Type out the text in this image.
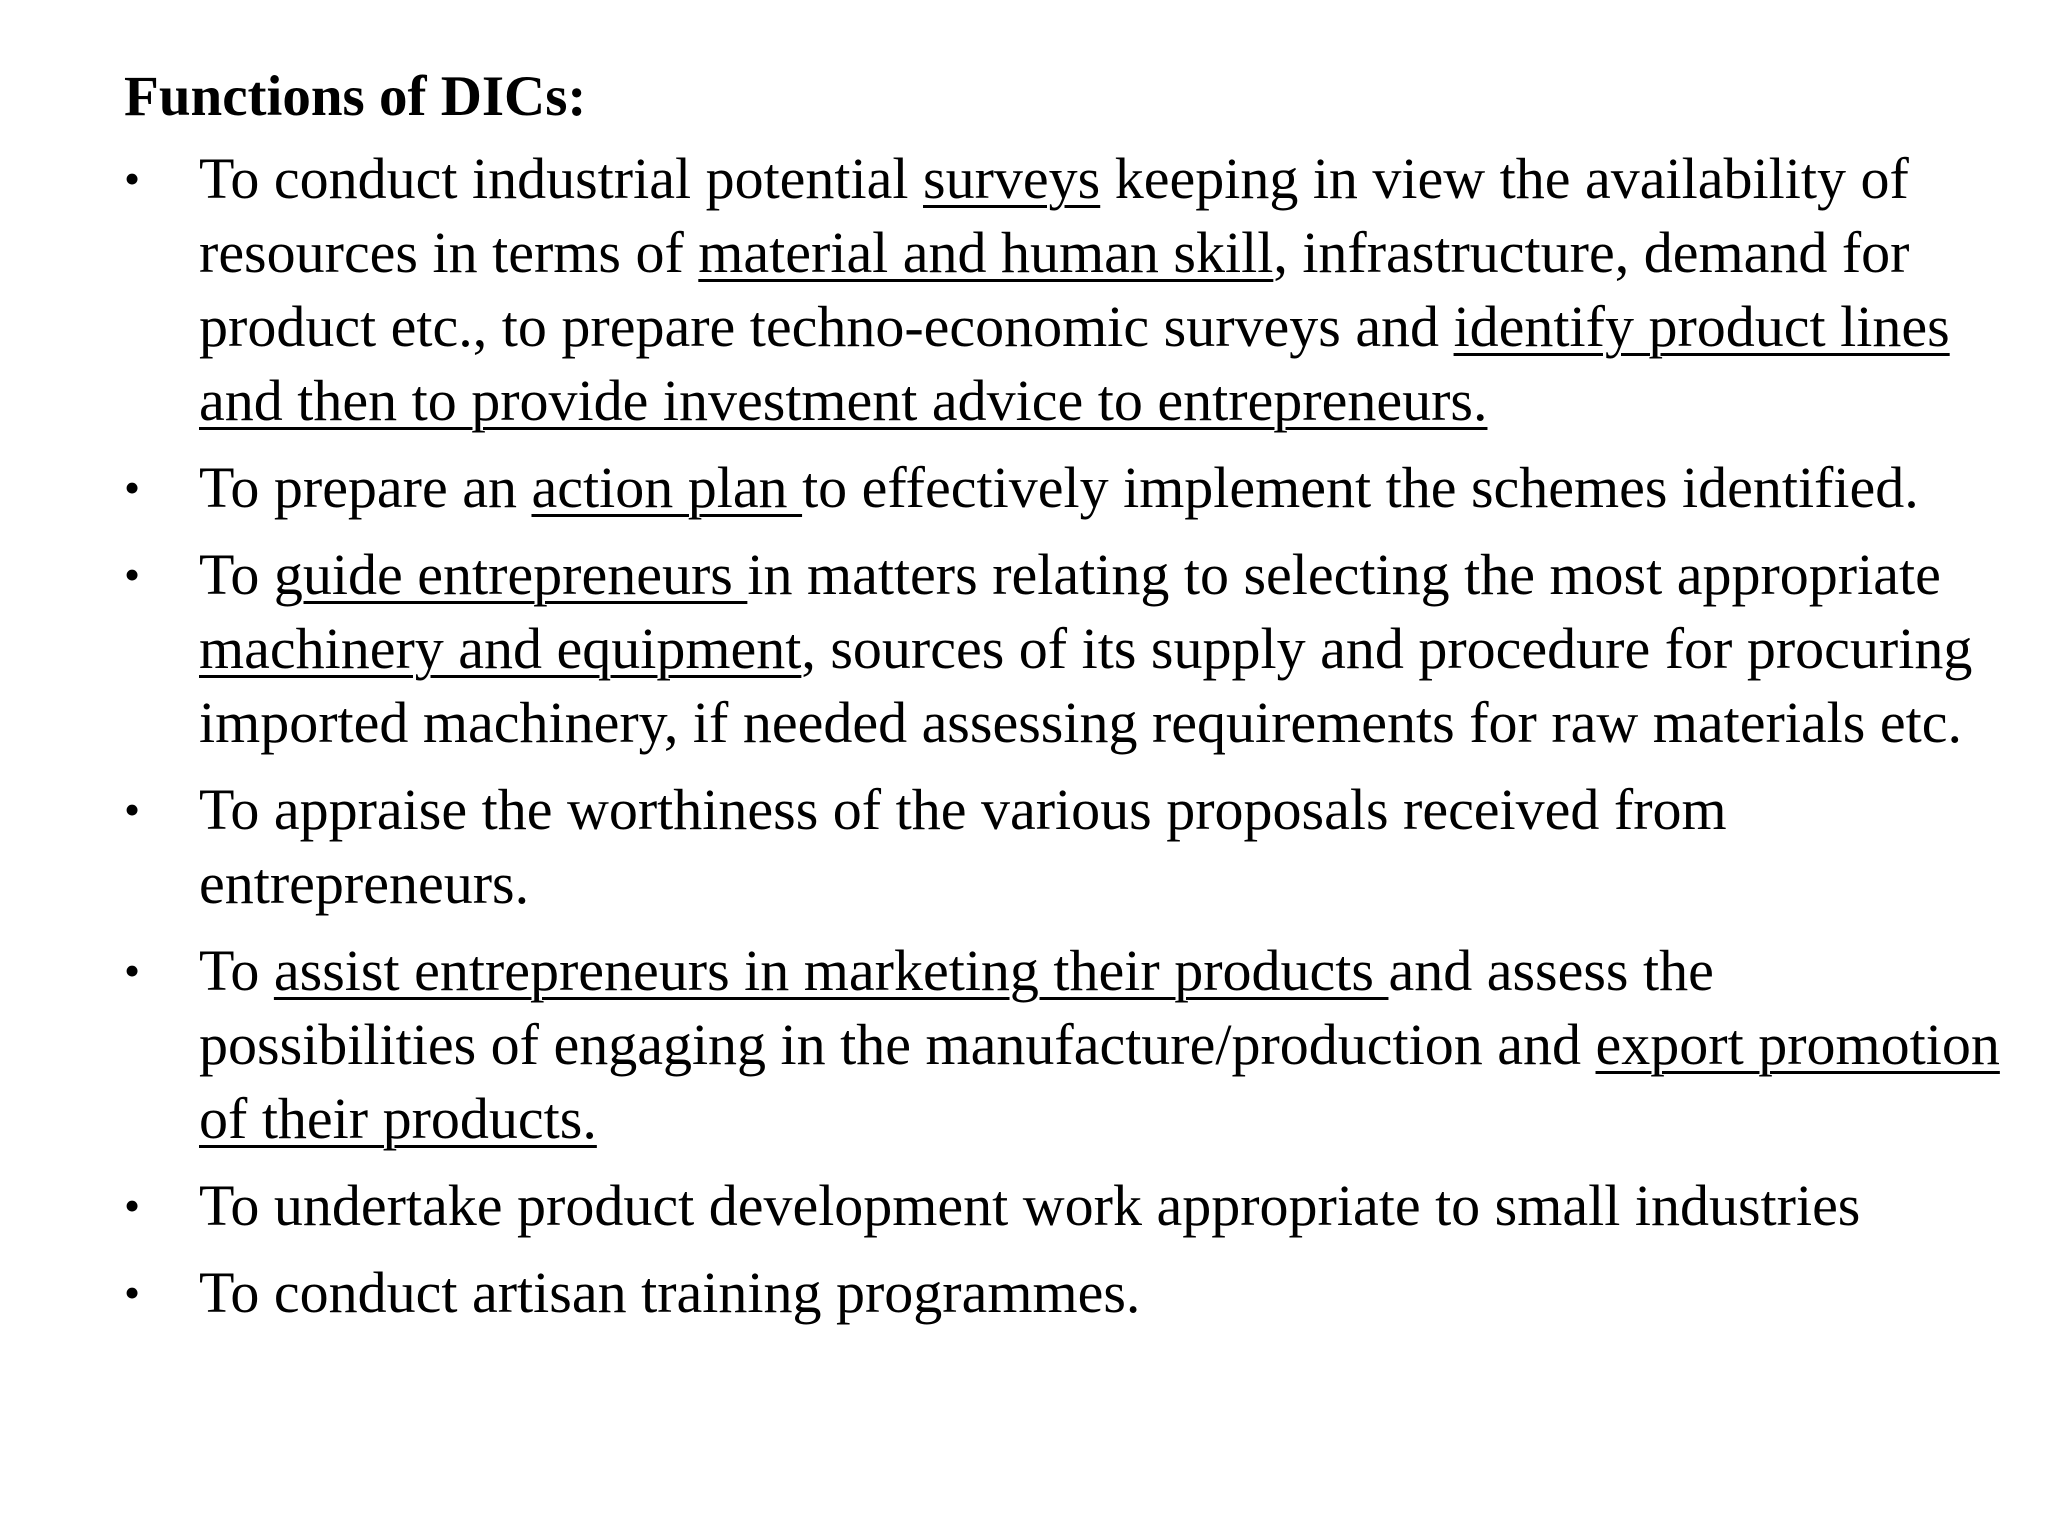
Functions of DICs:
•	To conduct industrial potential surveys keeping in view the availability of resources in terms of material and human skill, infrastructure, demand for product etc., to prepare techno-economic surveys and identify product lines and then to provide investment advice to entrepreneurs.
•	To prepare an action plan to effectively implement the schemes identified.
•	To guide entrepreneurs in matters relating to selecting the most appropriate machinery and equipment, sources of its supply and procedure for procuring imported machinery, if needed assessing requirements for raw materials etc.
•	To appraise the worthiness of the various proposals received from entrepreneurs.
•	To assist entrepreneurs in marketing their products and assess the possibilities of engaging in the manufacture/production and export promotion of their products.
•	To undertake product development work appropriate to small industries
•	To conduct artisan training programmes.
